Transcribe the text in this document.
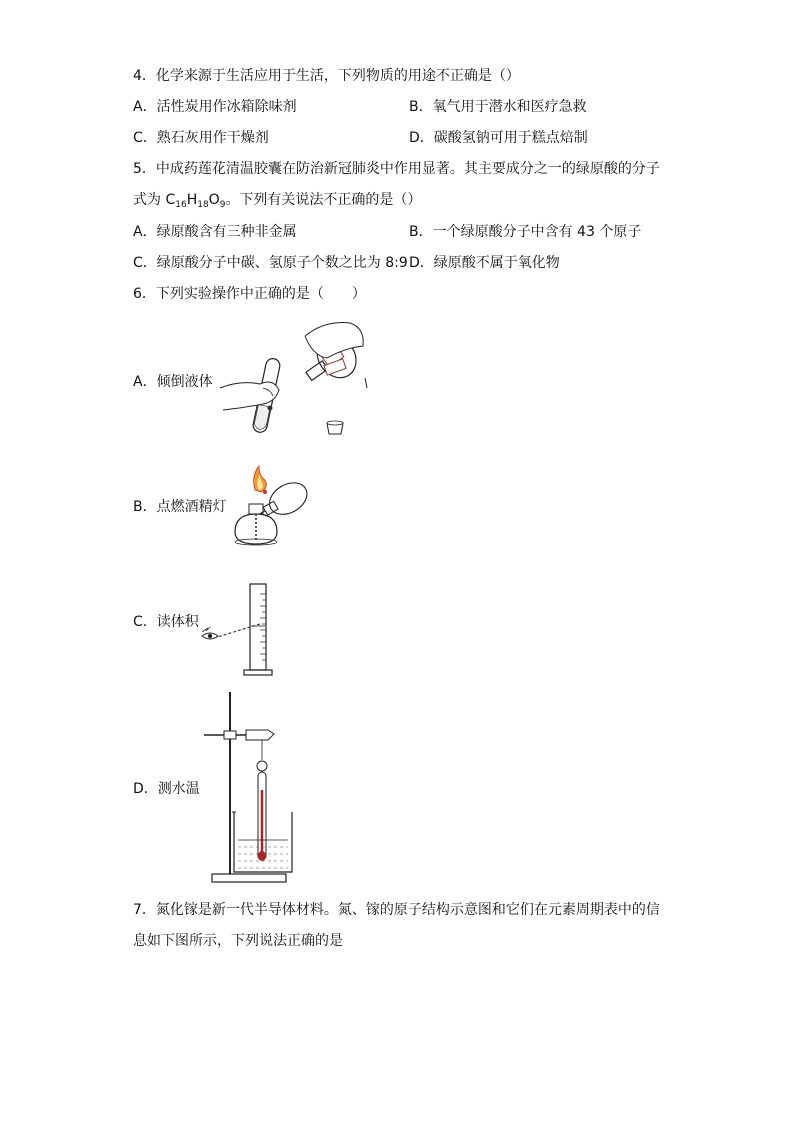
4．化学来源于生活应用于生活，下列物质的用途不正确是（）
A．活性炭用作冰箱除味剂	B．氧气用于潜水和医疗急救
C．熟石灰用作干燥剂	D．碳酸氢钠可用于糕点焙制
5．中成药莲花清温胶囊在防治新冠肺炎中作用显著。其主要成分之一的绿原酸的分子
式为 $C_{16}H_{18}O_9$。下列有关说法不正确的是（）
A．绿原酸含有三种非金属	B．一个绿原酸分子中含有 43 个原子
C．绿原酸分子中碳、氢原子个数之比为 8:9 D．绿原酸不属于氧化物
6．下列实验操作中正确的是（　　）
A．倾倒液体
B．点燃酒精灯
C．读体积
D．测水温
7．氮化镓是新一代半导体材料。氮、镓的原子结构示意图和它们在元素周期表中的信
息如下图所示，下列说法正确的是
